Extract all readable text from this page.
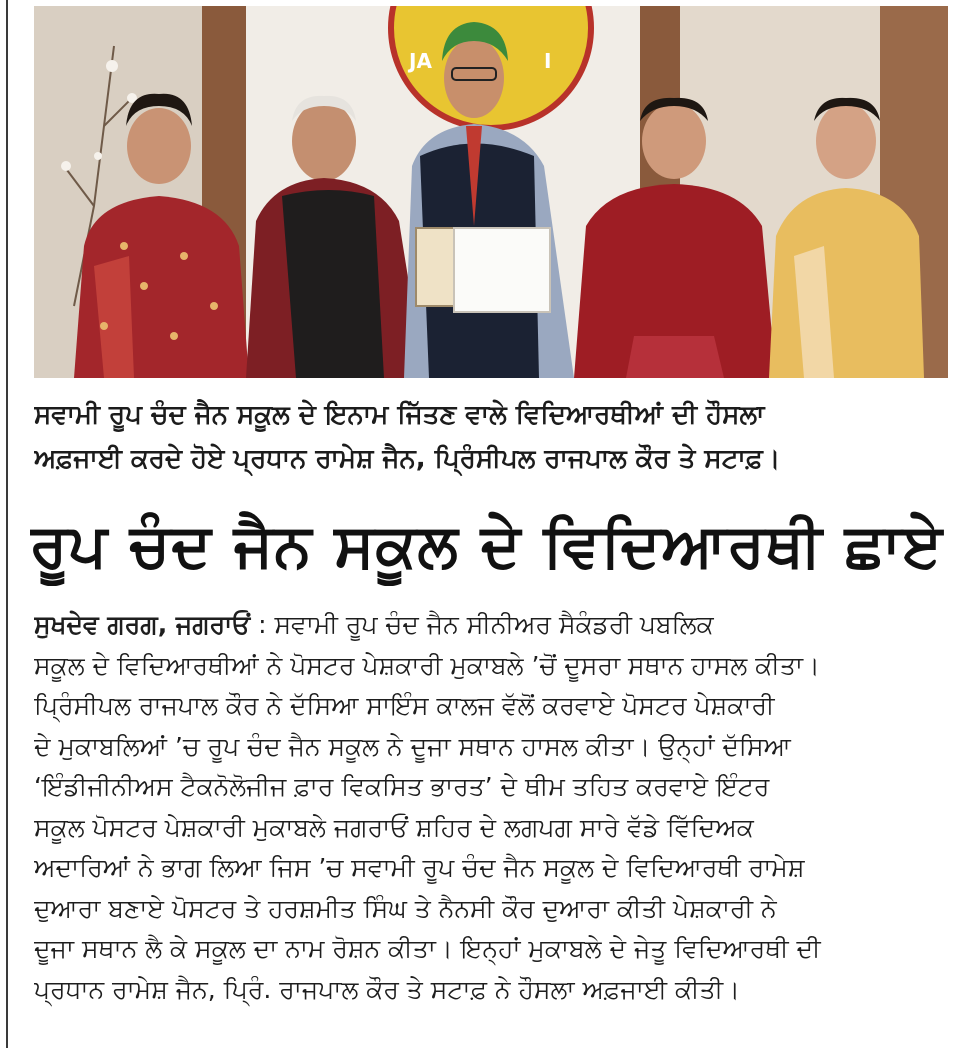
JA	I
ਸਵਾਮੀ ਰੂਪ ਚੰਦ ਜੈਨ ਸਕੂਲ ਦੇ ਇਨਾਮ ਜਿੱਤਣ ਵਾਲੇ ਵਿਦਿਆਰਥੀਆਂ ਦੀ ਹੌਸਲਾ
ਅਫ਼ਜਾਈ ਕਰਦੇ ਹੋਏ ਪ੍ਰਧਾਨ ਰਾਮੇਸ਼ ਜੈਨ, ਪ੍ਰਿੰਸੀਪਲ ਰਾਜਪਾਲ ਕੌਰ ਤੇ ਸਟਾਫ਼।
ਰੂਪ ਚੰਦ ਜੈਨ ਸਕੂਲ ਦੇ ਵਿਦਿਆਰਥੀ ਛਾਏ
ਸੁਖਦੇਵ ਗਰਗ, ਜਗਰਾਓਂ : ਸਵਾਮੀ ਰੂਪ ਚੰਦ ਜੈਨ ਸੀਨੀਅਰ ਸੈਕੰਡਰੀ ਪਬਲਿਕ
ਸਕੂਲ ਦੇ ਵਿਦਿਆਰਥੀਆਂ ਨੇ ਪੋਸਟਰ ਪੇਸ਼ਕਾਰੀ ਮੁਕਾਬਲੇ ’ਚੋਂ ਦੂਸਰਾ ਸਥਾਨ ਹਾਸਲ ਕੀਤਾ।
ਪ੍ਰਿੰਸੀਪਲ ਰਾਜਪਾਲ ਕੌਰ ਨੇ ਦੱਸਿਆ ਸਾਇੰਸ ਕਾਲਜ ਵੱਲੋਂ ਕਰਵਾਏ ਪੋਸਟਰ ਪੇਸ਼ਕਾਰੀ
ਦੇ ਮੁਕਾਬਲਿਆਂ ’ਚ ਰੂਪ ਚੰਦ ਜੈਨ ਸਕੂਲ ਨੇ ਦੂਜਾ ਸਥਾਨ ਹਾਸਲ ਕੀਤਾ। ਉਨ੍ਹਾਂ ਦੱਸਿਆ
‘ਇੰਡੀਜੀਨੀਅਸ ਟੈਕਨੋਲੋਜੀਜ ਫ਼ਾਰ ਵਿਕਸਿਤ ਭਾਰਤ’ ਦੇ ਥੀਮ ਤਹਿਤ ਕਰਵਾਏ ਇੰਟਰ
ਸਕੂਲ ਪੋਸਟਰ ਪੇਸ਼ਕਾਰੀ ਮੁਕਾਬਲੇ ਜਗਰਾਓਂ ਸ਼ਹਿਰ ਦੇ ਲਗਪਗ ਸਾਰੇ ਵੱਡੇ ਵਿੱਦਿਅਕ
ਅਦਾਰਿਆਂ ਨੇ ਭਾਗ ਲਿਆ ਜਿਸ ’ਚ ਸਵਾਮੀ ਰੂਪ ਚੰਦ ਜੈਨ ਸਕੂਲ ਦੇ ਵਿਦਿਆਰਥੀ ਰਾਮੇਸ਼
ਦੁਆਰਾ ਬਣਾਏ ਪੋਸਟਰ ਤੇ ਹਰਸ਼ਮੀਤ ਸਿੰਘ ਤੇ ਨੈਨਸੀ ਕੌਰ ਦੁਆਰਾ ਕੀਤੀ ਪੇਸ਼ਕਾਰੀ ਨੇ
ਦੂਜਾ ਸਥਾਨ ਲੈ ਕੇ ਸਕੂਲ ਦਾ ਨਾਮ ਰੋਸ਼ਨ ਕੀਤਾ। ਇਨ੍ਹਾਂ ਮੁਕਾਬਲੇ ਦੇ ਜੇਤੂ ਵਿਦਿਆਰਥੀ ਦੀ
ਪ੍ਰਧਾਨ ਰਾਮੇਸ਼ ਜੈਨ, ਪ੍ਰਿੰ. ਰਾਜਪਾਲ ਕੌਰ ਤੇ ਸਟਾਫ਼ ਨੇ ਹੌਸਲਾ ਅਫ਼ਜਾਈ ਕੀਤੀ।
